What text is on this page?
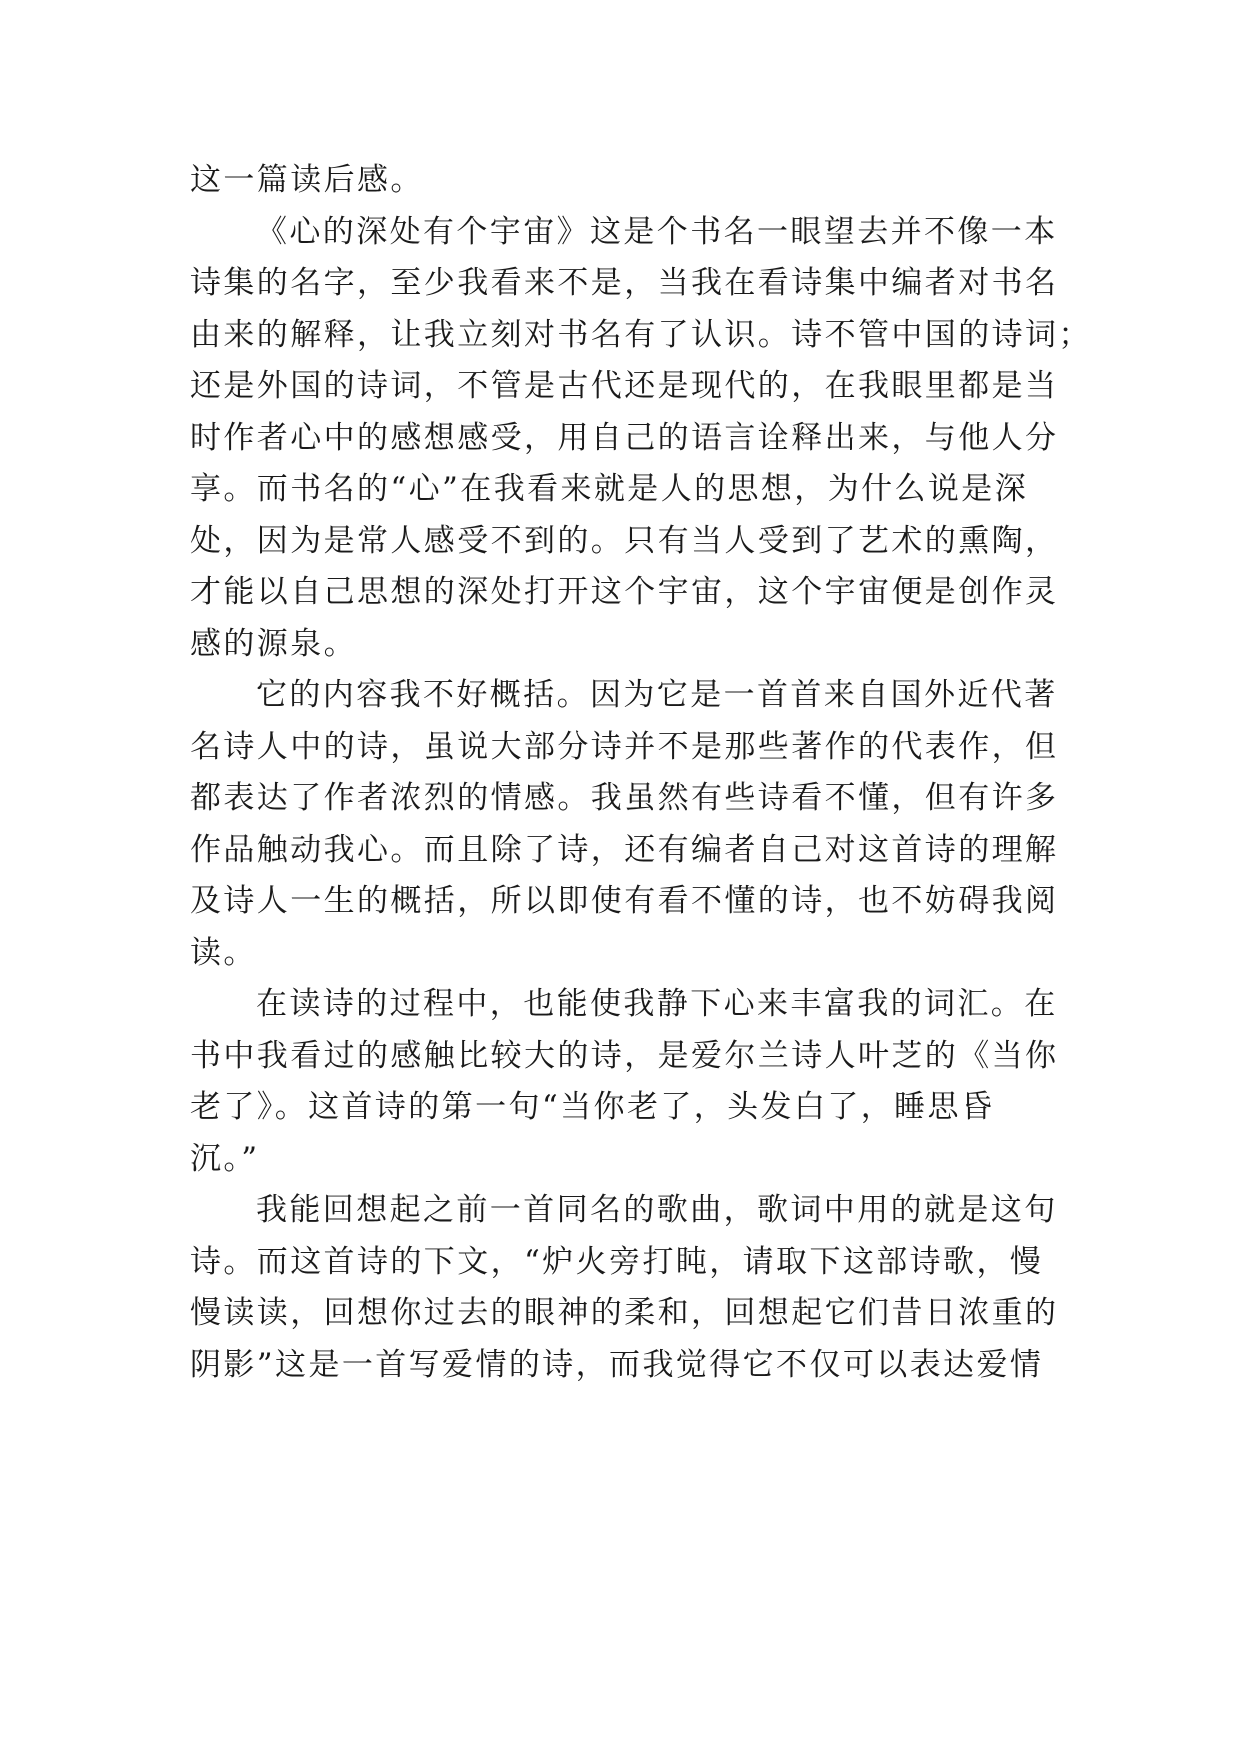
这一篇读后感。
《心的深处有个宇宙》这是个书名一眼望去并不像一本
诗集的名字，至少我看来不是，当我在看诗集中编者对书名
由来的解释，让我立刻对书名有了认识。诗不管中国的诗词；
还是外国的诗词，不管是古代还是现代的，在我眼里都是当
时作者心中的感想感受，用自己的语言诠释出来，与他人分
享。而书名的“心”在我看来就是人的思想，为什么说是深
处，因为是常人感受不到的。只有当人受到了艺术的熏陶，
才能以自己思想的深处打开这个宇宙，这个宇宙便是创作灵
感的源泉。
它的内容我不好概括。因为它是一首首来自国外近代著
名诗人中的诗，虽说大部分诗并不是那些著作的代表作，但
都表达了作者浓烈的情感。我虽然有些诗看不懂，但有许多
作品触动我心。而且除了诗，还有编者自己对这首诗的理解
及诗人一生的概括，所以即使有看不懂的诗，也不妨碍我阅
读。
在读诗的过程中，也能使我静下心来丰富我的词汇。在
书中我看过的感触比较大的诗，是爱尔兰诗人叶芝的《当你
老了》。这首诗的第一句“当你老了，头发白了，睡思昏
沉。”
我能回想起之前一首同名的歌曲，歌词中用的就是这句
诗。而这首诗的下文，“炉火旁打盹，请取下这部诗歌，慢
慢读读，回想你过去的眼神的柔和，回想起它们昔日浓重的
阴影”这是一首写爱情的诗，而我觉得它不仅可以表达爱情
